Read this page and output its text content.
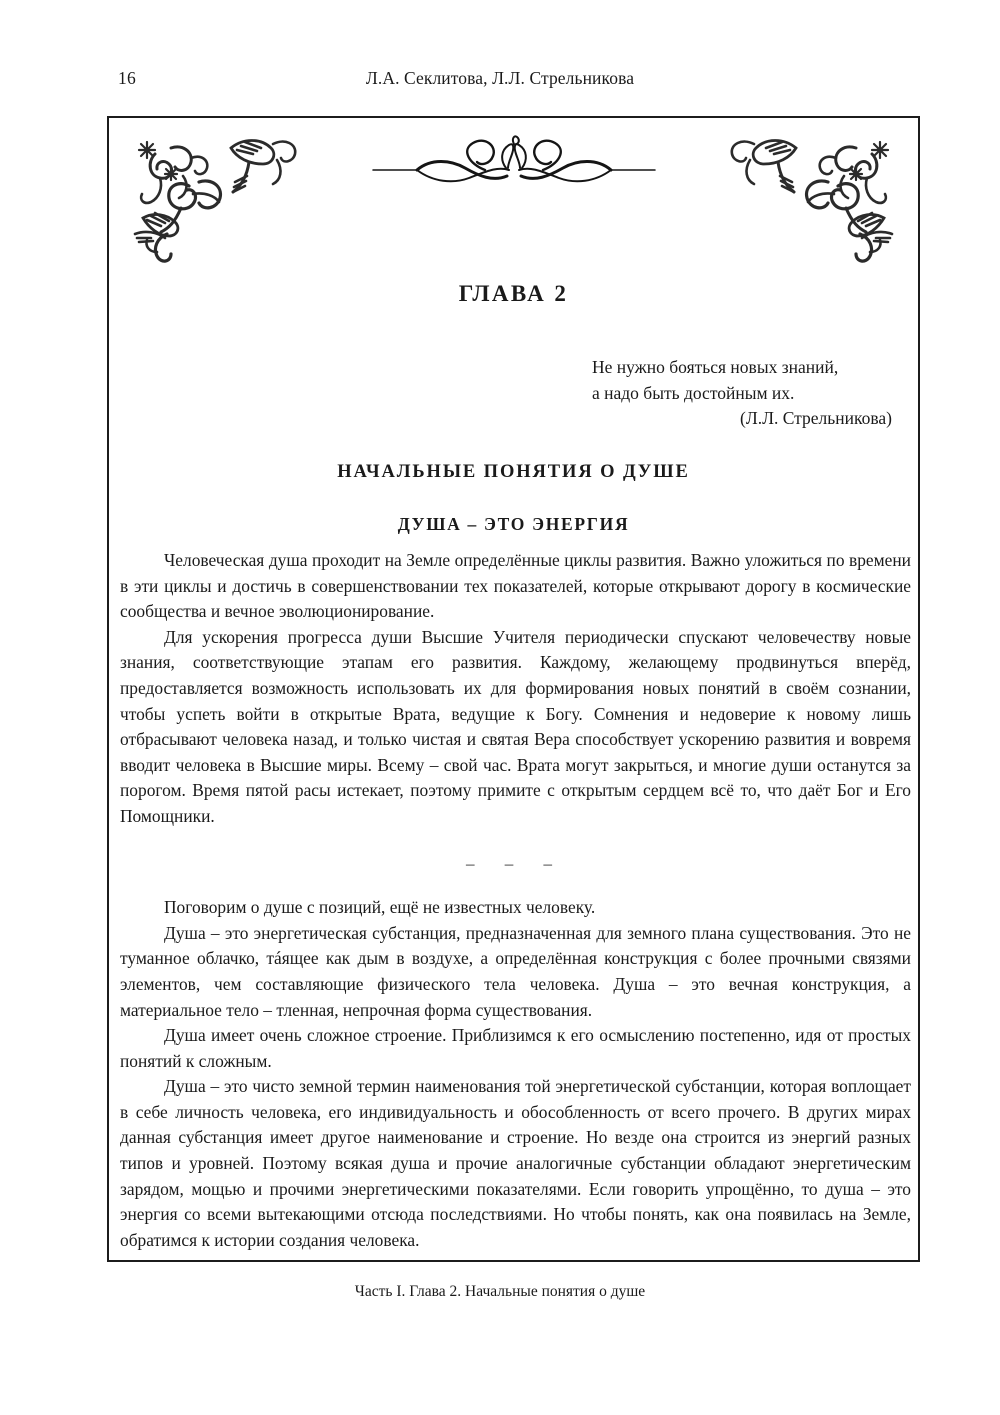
16	Л.А. Секлитова, Л.Л. Стрельникова
ГЛАВА 2
Не нужно бояться новых знаний,
а надо быть достойным их.
(Л.Л. Стрельникова)
НАЧАЛЬНЫЕ ПОНЯТИЯ О ДУШЕ
ДУША – ЭТО ЭНЕРГИЯ

Человеческая душа проходит на Земле определённые циклы развития. Важно уложиться по времени в эти циклы и достичь в совершенствовании тех показателей, которые открывают дорогу в космические сообщества и вечное эволюционирование.

Для ускорения прогресса души Высшие Учителя периодически спускают человечеству новые знания, соответствующие этапам его развития. Каждому, желающему продвинуться вперёд, предоставляется возможность использовать их для формирования новых понятий в своём сознании, чтобы успеть войти в открытые Врата, ведущие к Богу. Сомнения и недоверие к новому лишь отбрасывают человека назад, и только чистая и святая Вера способствует ускорению развития и вовремя вводит человека в Высшие миры. Всему – свой час. Врата могут закрыться, и многие души останутся за порогом. Время пятой расы истекает, поэтому примите с открытым сердцем всё то, что даёт Бог и Его Помощники.

– – –

Поговорим о душе с позиций, ещё не известных человеку.

Душа – это энергетическая субстанция, предназначенная для земного плана существования. Это не туманное облачко, тáящее как дым в воздухе, а определённая конструкция с более прочными связями элементов, чем составляющие физического тела человека. Душа – это вечная конструкция, а материальное тело – тленная, непрочная форма существования.

Душа имеет очень сложное строение. Приблизимся к его осмыслению постепенно, идя от простых понятий к сложным.

Душа – это чисто земной термин наименования той энергетической субстанции, которая воплощает в себе личность человека, его индивидуальность и обособленность от всего прочего. В других мирах данная субстанция имеет другое наименование и строение. Но везде она строится из энергий разных типов и уровней. Поэтому всякая душа и прочие аналогичные субстанции обладают энергетическим зарядом, мощью и прочими энергетическими показателями. Если говорить упрощённо, то душа – это энергия со всеми вытекающими отсюда последствиями. Но чтобы понять, как она появилась на Земле, обратимся к истории создания человека.

Часть I. Глава 2. Начальные понятия о душе
